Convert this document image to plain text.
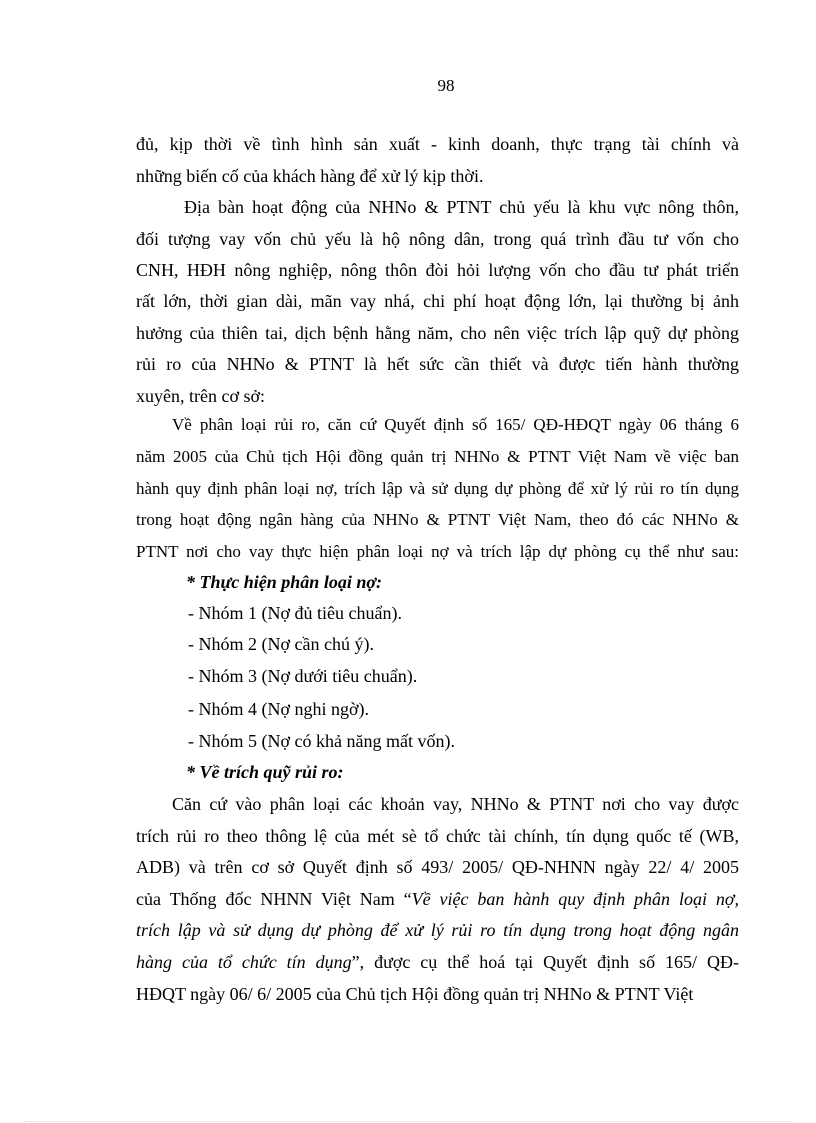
98
đủ, kịp thời về tình hình sản xuất - kinh doanh, thực trạng tài chính và
những biến cố của khách hàng để xử lý kịp thời.
Địa bàn hoạt động của NHNo & PTNT chủ yếu là khu vực nông thôn,
đối tượng vay vốn chủ yếu là hộ nông dân, trong quá trình đầu tư vốn cho
CNH, HĐH nông nghiệp, nông thôn đòi hỏi lượng vốn cho đầu tư phát triển
rất lớn, thời gian dài, mãn vay nhá, chi phí hoạt động lớn, lại thường bị ảnh
hưởng của thiên tai, dịch bệnh hằng năm, cho nên việc trích lập quỹ dự phòng
rủi ro của NHNo & PTNT là hết sức cần thiết và được tiến hành thường
xuyên, trên cơ sở:
Về phân loại rủi ro, căn cứ Quyết định số 165/ QĐ-HĐQT ngày 06 tháng 6
năm 2005 của Chủ tịch Hội đồng quản trị NHNo & PTNT Việt Nam về việc ban
hành quy định phân loại nợ, trích lập và sử dụng dự phòng để xử lý rủi ro tín dụng
trong hoạt động ngân hàng của NHNo & PTNT Việt Nam, theo đó các NHNo &
PTNT nơi cho vay thực hiện phân loại nợ và trích lập dự phòng cụ thể như sau:
* Thực hiện phân loại nợ:
- Nhóm 1 (Nợ đủ tiêu chuẩn).
- Nhóm 2 (Nợ cần chú ý).
- Nhóm 3 (Nợ dưới tiêu chuẩn).
- Nhóm 4 (Nợ nghi ngờ).
- Nhóm 5 (Nợ có khả năng mất vốn).
* Về trích quỹ rủi ro:
Căn cứ vào phân loại các khoản vay, NHNo & PTNT nơi cho vay được
trích rủi ro theo thông lệ của mét sè tổ chức tài chính, tín dụng quốc tế (WB,
ADB) và trên cơ sở Quyết định số 493/ 2005/ QĐ-NHNN ngày 22/ 4/ 2005
của Thống đốc NHNN Việt Nam “Về việc ban hành quy định phân loại nợ,
trích lập và sử dụng dự phòng để xử lý rủi ro tín dụng trong hoạt động ngân
hàng của tổ chức tín dụng”, được cụ thể hoá tại Quyết định số 165/ QĐ-
HĐQT ngày 06/ 6/ 2005 của Chủ tịch Hội đồng quản trị NHNo & PTNT Việt
